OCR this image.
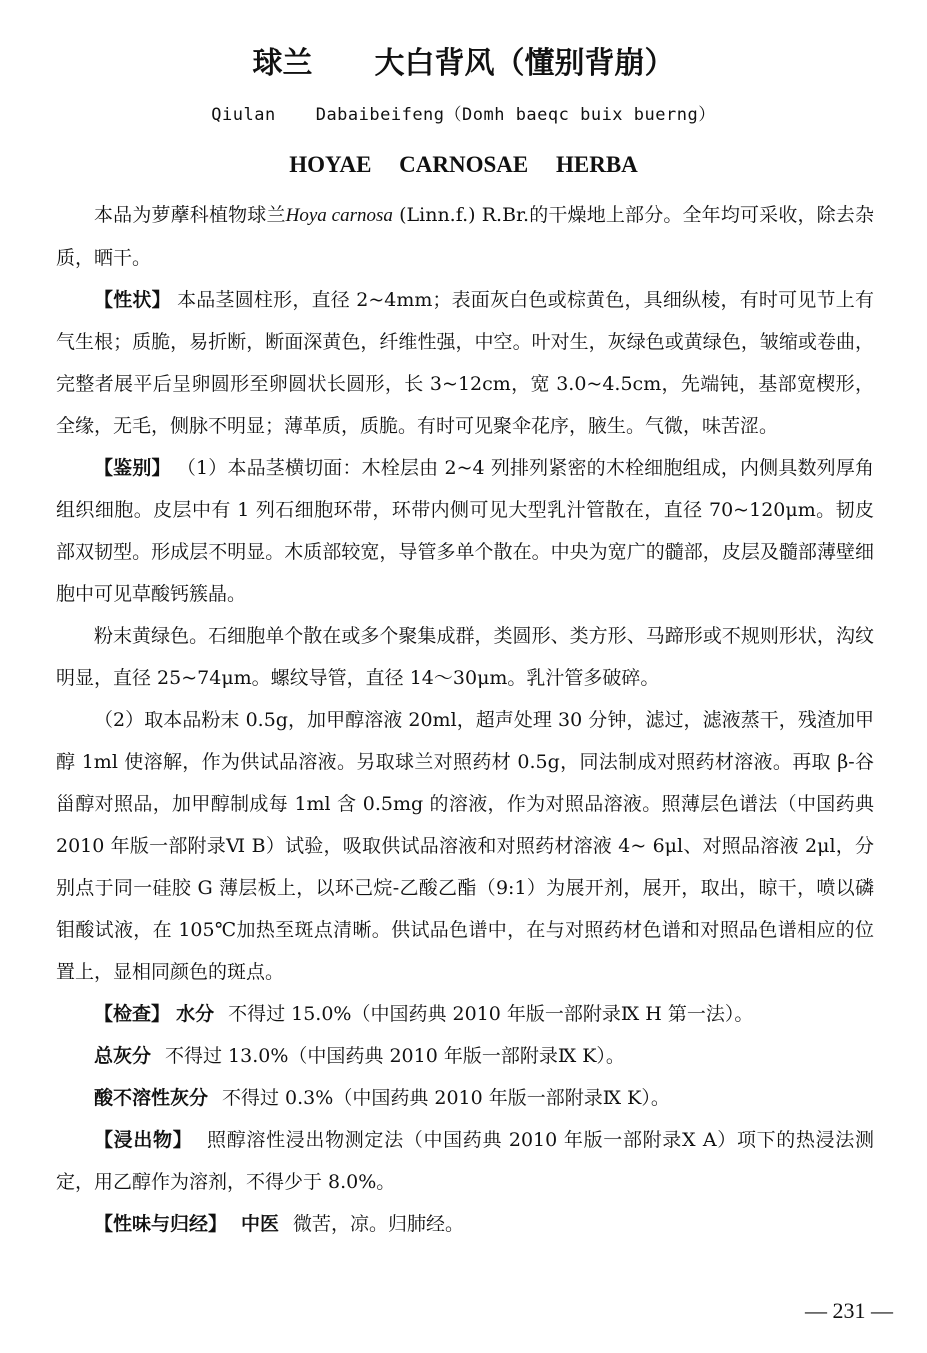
球兰 大白背风（懂别背崩）
Qiulan Dabaibeifeng（Domh baeqc buix buerng）
HOYAE CARNOSAE HERBA

本品为萝藦科植物球兰Hoya carnosa (Linn.f.) R.Br.的干燥地上部分。全年均可采收，除去杂质，晒干。

【性状】 本品茎圆柱形，直径 2~4mm；表面灰白色或棕黄色，具细纵棱，有时可见节上有气生根；质脆，易折断，断面深黄色，纤维性强，中空。叶对生，灰绿色或黄绿色，皱缩或卷曲，完整者展平后呈卵圆形至卵圆状长圆形，长 3~12cm，宽 3.0~4.5cm，先端钝，基部宽楔形，全缘，无毛，侧脉不明显；薄革质，质脆。有时可见聚伞花序，腋生。气微，味苦涩。

【鉴别】 （1）本品茎横切面：木栓层由 2~4 列排列紧密的木栓细胞组成，内侧具数列厚角组织细胞。皮层中有 1 列石细胞环带，环带内侧可见大型乳汁管散在，直径 70~120μm。韧皮部双韧型。形成层不明显。木质部较宽，导管多单个散在。中央为宽广的髓部，皮层及髓部薄壁细胞中可见草酸钙簇晶。

粉末黄绿色。石细胞单个散在或多个聚集成群，类圆形、类方形、马蹄形或不规则形状，沟纹明显，直径 25~74μm。螺纹导管，直径 14～30μm。乳汁管多破碎。

（2）取本品粉末 0.5g，加甲醇溶液 20ml，超声处理 30 分钟，滤过，滤液蒸干，残渣加甲醇 1ml 使溶解，作为供试品溶液。另取球兰对照药材 0.5g，同法制成对照药材溶液。再取 β-谷甾醇对照品，加甲醇制成每 1ml 含 0.5mg 的溶液，作为对照品溶液。照薄层色谱法（中国药典 2010 年版一部附录Ⅵ B）试验，吸取供试品溶液和对照药材溶液 4~ 6μl、对照品溶液 2μl，分别点于同一硅胶 G 薄层板上，以环己烷-乙酸乙酯（9:1）为展开剂，展开，取出，晾干，喷以磷钼酸试液，在 105℃加热至斑点清晰。供试品色谱中，在与对照药材色谱和对照品色谱相应的位置上，显相同颜色的斑点。

【检查】 水分 不得过 15.0%（中国药典 2010 年版一部附录Ⅸ H 第一法）。

总灰分 不得过 13.0%（中国药典 2010 年版一部附录Ⅸ K）。

酸不溶性灰分 不得过 0.3%（中国药典 2010 年版一部附录Ⅸ K）。

【浸出物】 照醇溶性浸出物测定法（中国药典 2010 年版一部附录Ⅹ A）项下的热浸法测定，用乙醇作为溶剂，不得少于 8.0%。

【性味与归经】 中医 微苦，凉。归肺经。

— 231 —
